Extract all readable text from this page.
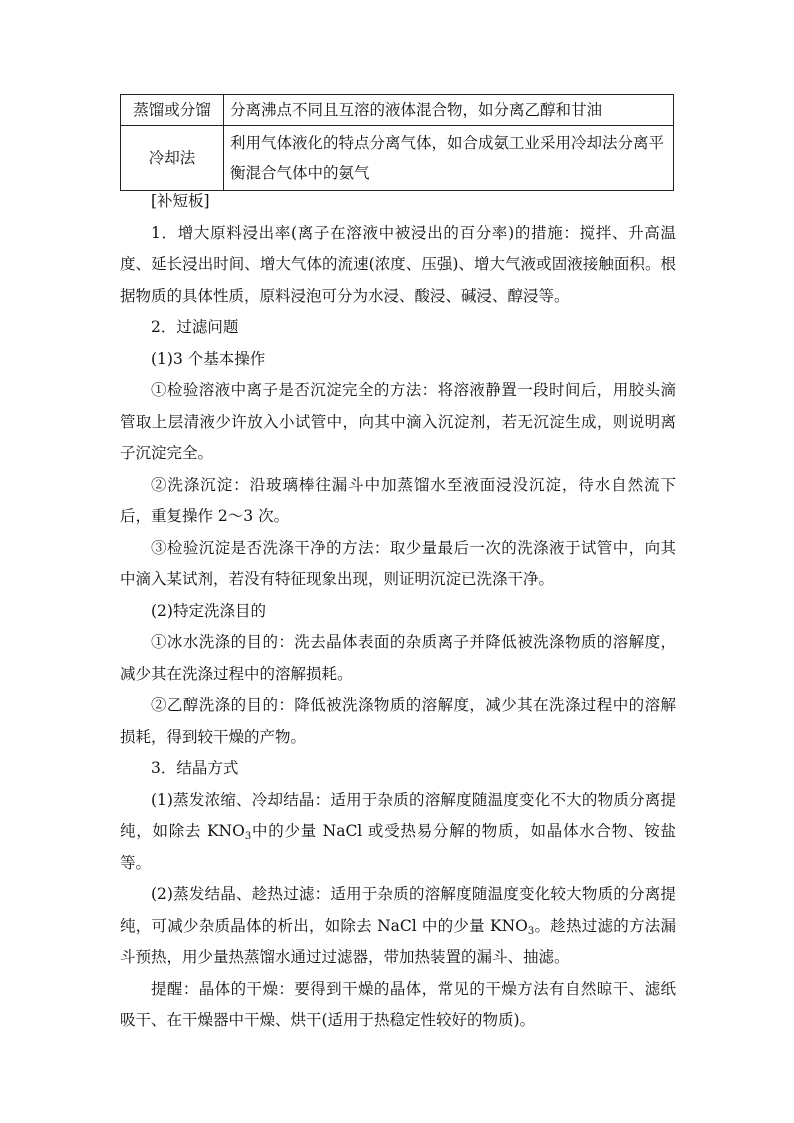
蒸馏或分馏	分离沸点不同且互溶的液体混合物，如分离乙醇和甘油
冷却法	利用气体液化的特点分离气体，如合成氨工业采用冷却法分离平衡混合气体中的氨气

[补短板]

1．增大原料浸出率(离子在溶液中被浸出的百分率)的措施：搅拌、升高温度、延长浸出时间、增大气体的流速(浓度、压强)、增大气液或固液接触面积。根据物质的具体性质，原料浸泡可分为水浸、酸浸、碱浸、醇浸等。

2．过滤问题

(1)3 个基本操作

①检验溶液中离子是否沉淀完全的方法：将溶液静置一段时间后，用胶头滴管取上层清液少许放入小试管中，向其中滴入沉淀剂，若无沉淀生成，则说明离子沉淀完全。

②洗涤沉淀：沿玻璃棒往漏斗中加蒸馏水至液面浸没沉淀，待水自然流下后，重复操作 2～3 次。

③检验沉淀是否洗涤干净的方法：取少量最后一次的洗涤液于试管中，向其中滴入某试剂，若没有特征现象出现，则证明沉淀已洗涤干净。

(2)特定洗涤目的

①冰水洗涤的目的：洗去晶体表面的杂质离子并降低被洗涤物质的溶解度，减少其在洗涤过程中的溶解损耗。

②乙醇洗涤的目的：降低被洗涤物质的溶解度，减少其在洗涤过程中的溶解损耗，得到较干燥的产物。

3．结晶方式

(1)蒸发浓缩、冷却结晶：适用于杂质的溶解度随温度变化不大的物质分离提纯，如除去 $KNO_3$中的少量 NaCl 或受热易分解的物质，如晶体水合物、铵盐等。

(2)蒸发结晶、趁热过滤：适用于杂质的溶解度随温度变化较大物质的分离提纯，可减少杂质晶体的析出，如除去 NaCl 中的少量 $KNO_3$。趁热过滤的方法漏斗预热，用少量热蒸馏水通过过滤器，带加热装置的漏斗、抽滤。

提醒：晶体的干燥：要得到干燥的晶体，常见的干燥方法有自然晾干、滤纸吸干、在干燥器中干燥、烘干(适用于热稳定性较好的物质)。
